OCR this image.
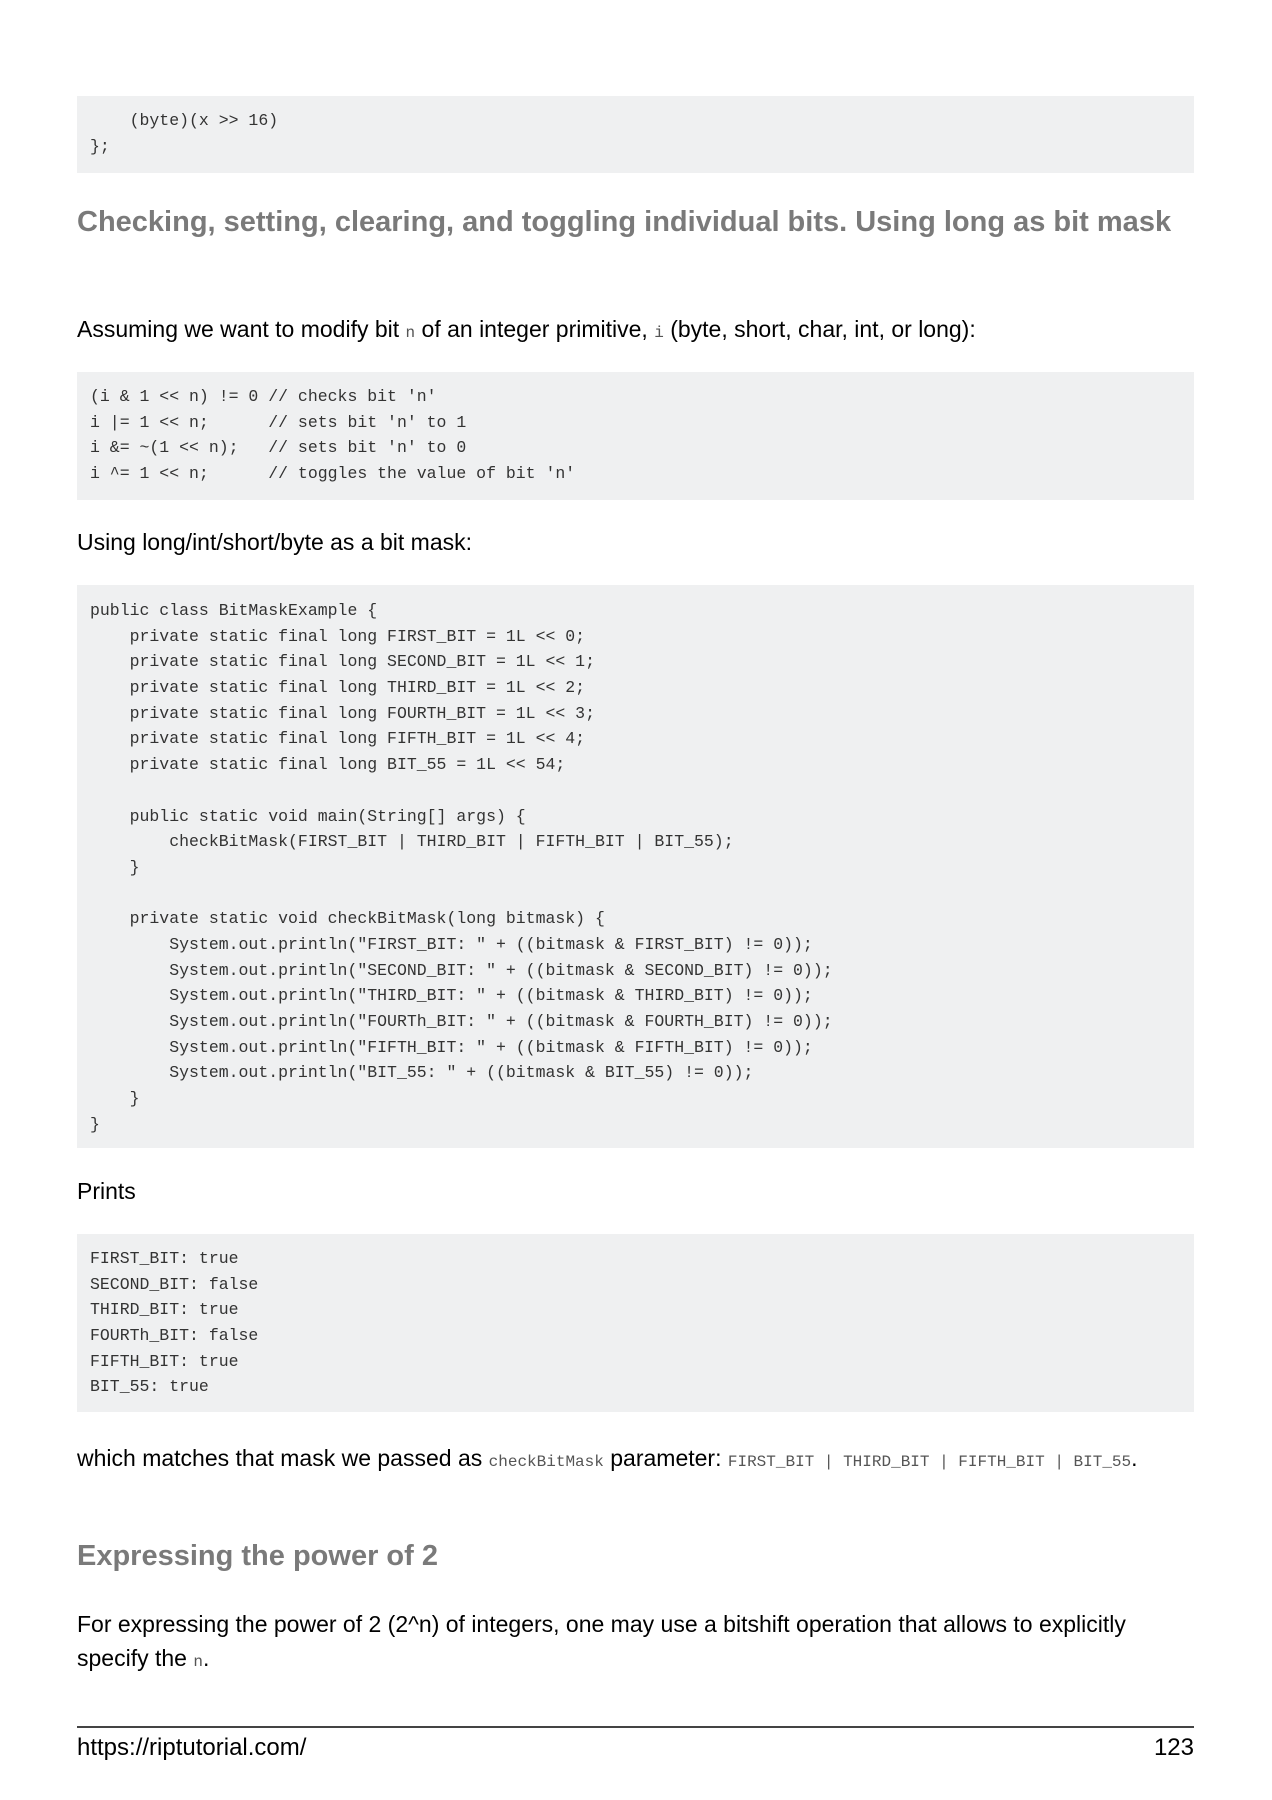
(byte)(x >> 16)
};
Checking, setting, clearing, and toggling individual bits. Using long as bit mask

Assuming we want to modify bit n of an integer primitive, i (byte, short, char, int, or long):

(i & 1 << n) != 0 // checks bit 'n'
i |= 1 << n;      // sets bit 'n' to 1
i &= ~(1 << n);   // sets bit 'n' to 0
i ^= 1 << n;      // toggles the value of bit 'n'

Using long/int/short/byte as a bit mask:

public class BitMaskExample {
private static final long FIRST_BIT = 1L << 0;
private static final long SECOND_BIT = 1L << 1;
private static final long THIRD_BIT = 1L << 2;
private static final long FOURTH_BIT = 1L << 3;
private static final long FIFTH_BIT = 1L << 4;
private static final long BIT_55 = 1L << 54;
public static void main(String[] args) {
checkBitMask(FIRST_BIT | THIRD_BIT | FIFTH_BIT | BIT_55);
}
private static void checkBitMask(long bitmask) {
System.out.println("FIRST_BIT: " + ((bitmask & FIRST_BIT) != 0));
System.out.println("SECOND_BIT: " + ((bitmask & SECOND_BIT) != 0));
System.out.println("THIRD_BIT: " + ((bitmask & THIRD_BIT) != 0));
System.out.println("FOURTh_BIT: " + ((bitmask & FOURTH_BIT) != 0));
System.out.println("FIFTH_BIT: " + ((bitmask & FIFTH_BIT) != 0));
System.out.println("BIT_55: " + ((bitmask & BIT_55) != 0));
}
}

Prints

FIRST_BIT: true
SECOND_BIT: false
THIRD_BIT: true
FOURTh_BIT: false
FIFTH_BIT: true
BIT_55: true

which matches that mask we passed as checkBitMask parameter: FIRST_BIT | THIRD_BIT | FIFTH_BIT | BIT_55.

Expressing the power of 2

For expressing the power of 2 (2^n) of integers, one may use a bitshift operation that allows to explicitly specify the n.

https://riptutorial.com/	123
